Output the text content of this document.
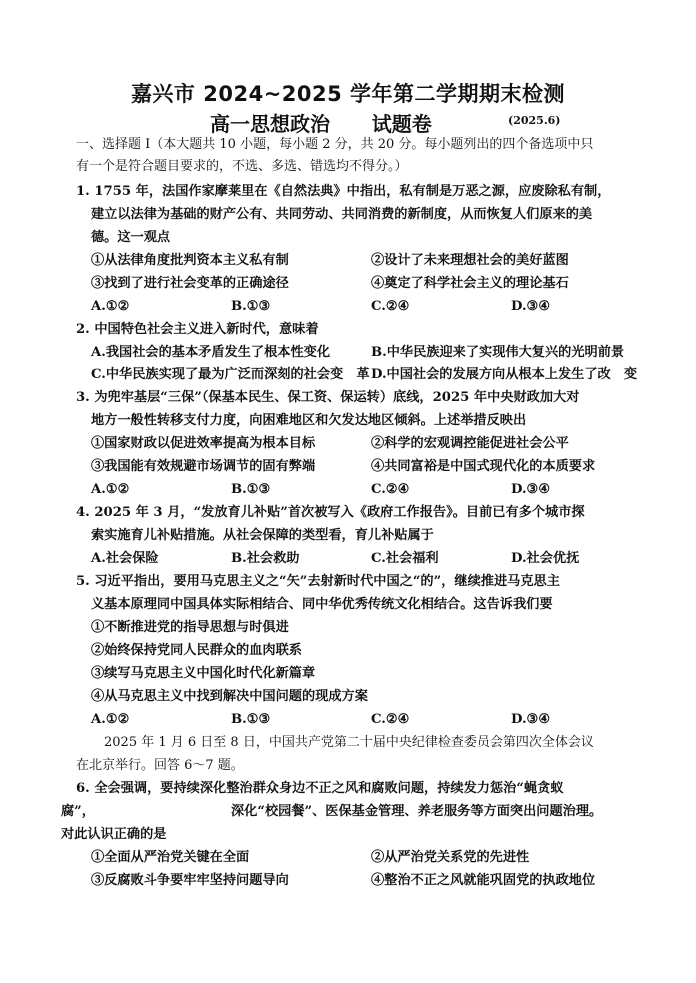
嘉兴市 2024~2025 学年第二学期期末检测
高一思想政治      试题卷	(2025.6)
一、选择题 I（本大题共 10 小题，每小题 2 分，共 20 分。每小题列出的四个备选项中只
有一个是符合题目要求的，不选、多选、错选均不得分。）
1. 1755 年，法国作家摩莱里在《自然法典》中指出，私有制是万恶之源，应废除私有制，
建立以法律为基础的财产公有、共同劳动、共同消费的新制度，从而恢复人们原来的美
德。这一观点
①从法律角度批判资本主义私有制	②设计了未来理想社会的美好蓝图
③找到了进行社会变革的正确途径	④奠定了科学社会主义的理论基石
A.①②	B.①③	C.②④	D.③④
2. 中国特色社会主义进入新时代，意味着
A.我国社会的基本矛盾发生了根本性变化	B.中华民族迎来了实现伟大复兴的光明前景
C.中华民族实现了最为广泛而深刻的社会变　革 D.中国社会的发展方向从根本上发生了改　变
3. 为兜牢基层“三保”（保基本民生、保工资、保运转）底线，2025 年中央财政加大对
地方一般性转移支付力度，向困难地区和欠发达地区倾斜。上述举措反映出
①国家财政以促进效率提高为根本目标	②科学的宏观调控能促进社会公平
③我国能有效规避市场调节的固有弊端	④共同富裕是中国式现代化的本质要求
A.①②	B.①③	C.②④	D.③④
4. 2025 年 3 月，“发放育儿补贴”首次被写入《政府工作报告》。目前已有多个城市探
索实施育儿补贴措施。从社会保障的类型看，育儿补贴属于
A.社会保险	B.社会救助	C.社会福利	D.社会优抚
5. 习近平指出，要用马克思主义之“矢”去射新时代中国之“的”，继续推进马克思主
义基本原理同中国具体实际相结合、同中华优秀传统文化相结合。这告诉我们要
①不断推进党的指导思想与时俱进
②始终保持党同人民群众的血肉联系
③续写马克思主义中国化时代化新篇章
④从马克思主义中找到解决中国问题的现成方案
A.①②	B.①③	C.②④	D.③④
2025 年 1 月 6 日至 8 日，中国共产党第二十届中央纪律检查委员会第四次全体会议
在北京举行。回答 6～7 题。
6. 全会强调，要持续深化整治群众身边不正之风和腐败问题，持续发力惩治“蝇贪蚁
腐”，	深化“校园餐”、医保基金管理、养老服务等方面突出问题治理。
对此认识正确的是
①全面从严治党关键在全面	②从严治党关系党的先进性
③反腐败斗争要牢牢坚持问题导向	④整治不正之风就能巩固党的执政地位
